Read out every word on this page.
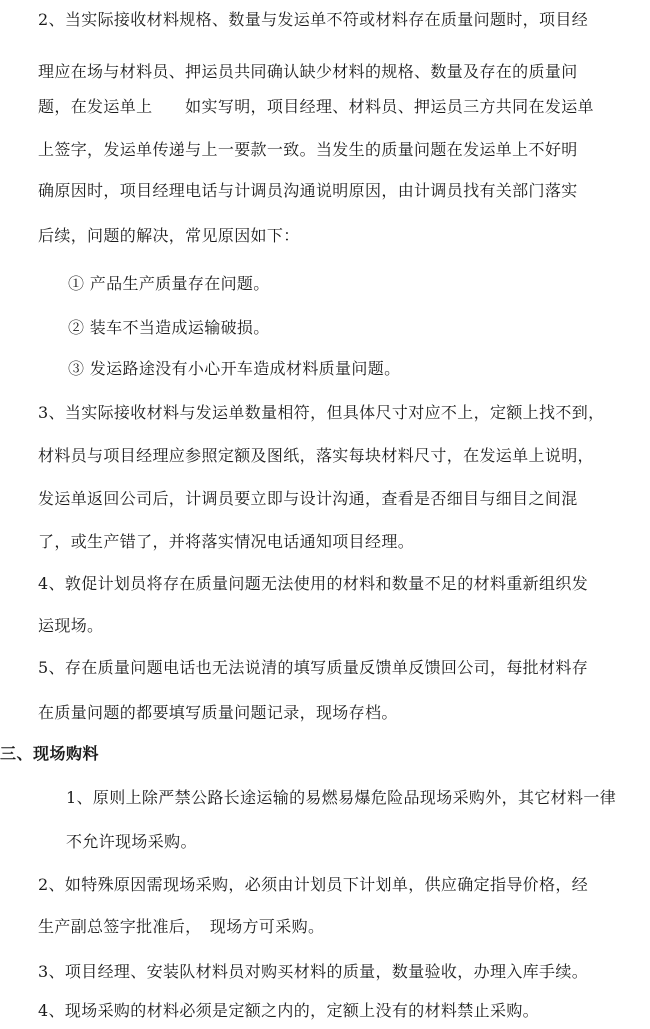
2、当实际接收材料规格、数量与发运单不符或材料存在质量问题时，项目经
理应在场与材料员、押运员共同确认缺少材料的规格、数量及存在的质量问
题，在发运单上　　如实写明，项目经理、材料员、押运员三方共同在发运单
上签字，发运单传递与上一要款一致。当发生的质量问题在发运单上不好明
确原因时，项目经理电话与计调员沟通说明原因，由计调员找有关部门落实
后续，问题的解决，常见原因如下：
① 产品生产质量存在问题。
② 装车不当造成运输破损。
③ 发运路途没有小心开车造成材料质量问题。
3、当实际接收材料与发运单数量相符，但具体尺寸对应不上，定额上找不到，
材料员与项目经理应参照定额及图纸，落实每块材料尺寸，在发运单上说明，
发运单返回公司后，计调员要立即与设计沟通，查看是否细目与细目之间混
了，或生产错了，并将落实情况电话通知项目经理。
4、敦促计划员将存在质量问题无法使用的材料和数量不足的材料重新组织发
运现场。
5、存在质量问题电话也无法说清的填写质量反馈单反馈回公司，每批材料存
在质量问题的都要填写质量问题记录，现场存档。
三、现场购料
1、原则上除严禁公路长途运输的易燃易爆危险品现场采购外，其它材料一律
不允许现场采购。
2、如特殊原因需现场采购，必须由计划员下计划单，供应确定指导价格，经
生产副总签字批准后，　现场方可采购。
3、项目经理、安装队材料员对购买材料的质量，数量验收，办理入库手续。
4、现场采购的材料必须是定额之内的，定额上没有的材料禁止采购。
